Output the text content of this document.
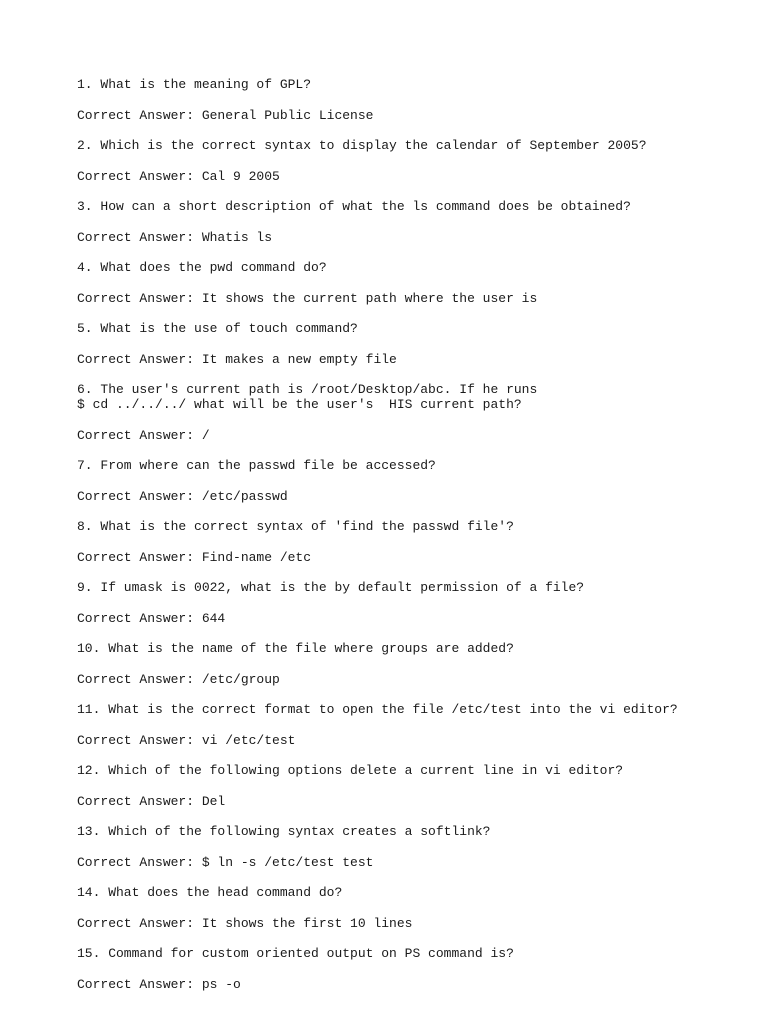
1. What is the meaning of GPL?

Correct Answer: General Public License

2. Which is the correct syntax to display the calendar of September 2005?

Correct Answer: Cal 9 2005

3. How can a short description of what the ls command does be obtained?

Correct Answer: Whatis ls

4. What does the pwd command do?

Correct Answer: It shows the current path where the user is

5. What is the use of touch command?

Correct Answer: It makes a new empty file

6. The user's current path is /root/Desktop/abc. If he runs
$ cd ../../../ what will be the user's  HIS current path?

Correct Answer: /

7. From where can the passwd file be accessed?

Correct Answer: /etc/passwd

8. What is the correct syntax of 'find the passwd file'?

Correct Answer: Find-name /etc

9. If umask is 0022, what is the by default permission of a file?

Correct Answer: 644

10. What is the name of the file where groups are added?

Correct Answer: /etc/group

11. What is the correct format to open the file /etc/test into the vi editor?

Correct Answer: vi /etc/test

12. Which of the following options delete a current line in vi editor?

Correct Answer: Del

13. Which of the following syntax creates a softlink?

Correct Answer: $ ln -s /etc/test test

14. What does the head command do?

Correct Answer: It shows the first 10 lines

15. Command for custom oriented output on PS command is?

Correct Answer: ps -o
